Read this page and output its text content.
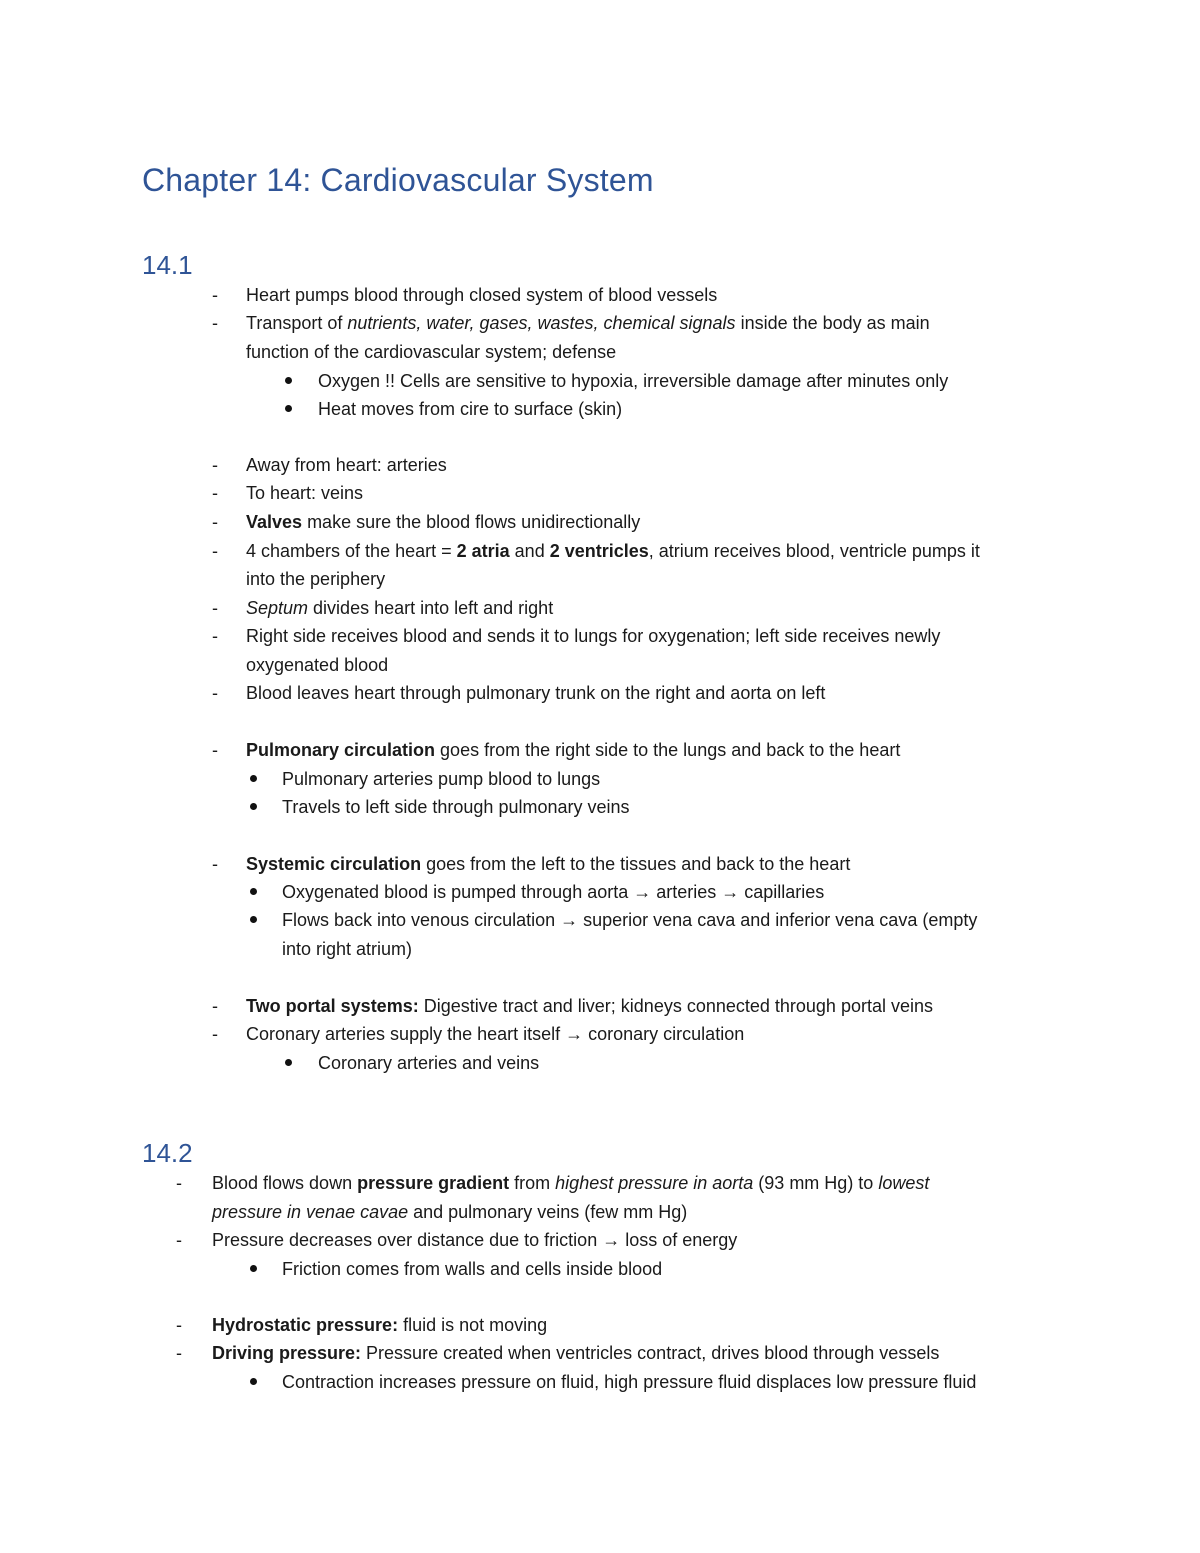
Chapter 14: Cardiovascular System
14.1
- Heart pumps blood through closed system of blood vessels
- Transport of nutrients, water, gases, wastes, chemical signals inside the body as main
function of the cardiovascular system; defense
Oxygen !! Cells are sensitive to hypoxia, irreversible damage after minutes only
Heat moves from cire to surface (skin)
- Away from heart: arteries
- To heart: veins
- Valves make sure the blood flows unidirectionally
- 4 chambers of the heart = 2 atria and 2 ventricles, atrium receives blood, ventricle pumps it
into the periphery
- Septum divides heart into left and right
- Right side receives blood and sends it to lungs for oxygenation; left side receives newly
oxygenated blood
- Blood leaves heart through pulmonary trunk on the right and aorta on left
- Pulmonary circulation goes from the right side to the lungs and back to the heart
Pulmonary arteries pump blood to lungs
Travels to left side through pulmonary veins
- Systemic circulation goes from the left to the tissues and back to the heart
Oxygenated blood is pumped through aorta → arteries → capillaries
Flows back into venous circulation → superior vena cava and inferior vena cava (empty
into right atrium)
- Two portal systems: Digestive tract and liver; kidneys connected through portal veins
- Coronary arteries supply the heart itself → coronary circulation
Coronary arteries and veins
14.2
- Blood flows down pressure gradient from highest pressure in aorta (93 mm Hg) to lowest
pressure in venae cavae and pulmonary veins (few mm Hg)
- Pressure decreases over distance due to friction → loss of energy
Friction comes from walls and cells inside blood
- Hydrostatic pressure: fluid is not moving
- Driving pressure: Pressure created when ventricles contract, drives blood through vessels
Contraction increases pressure on fluid, high pressure fluid displaces low pressure fluid
